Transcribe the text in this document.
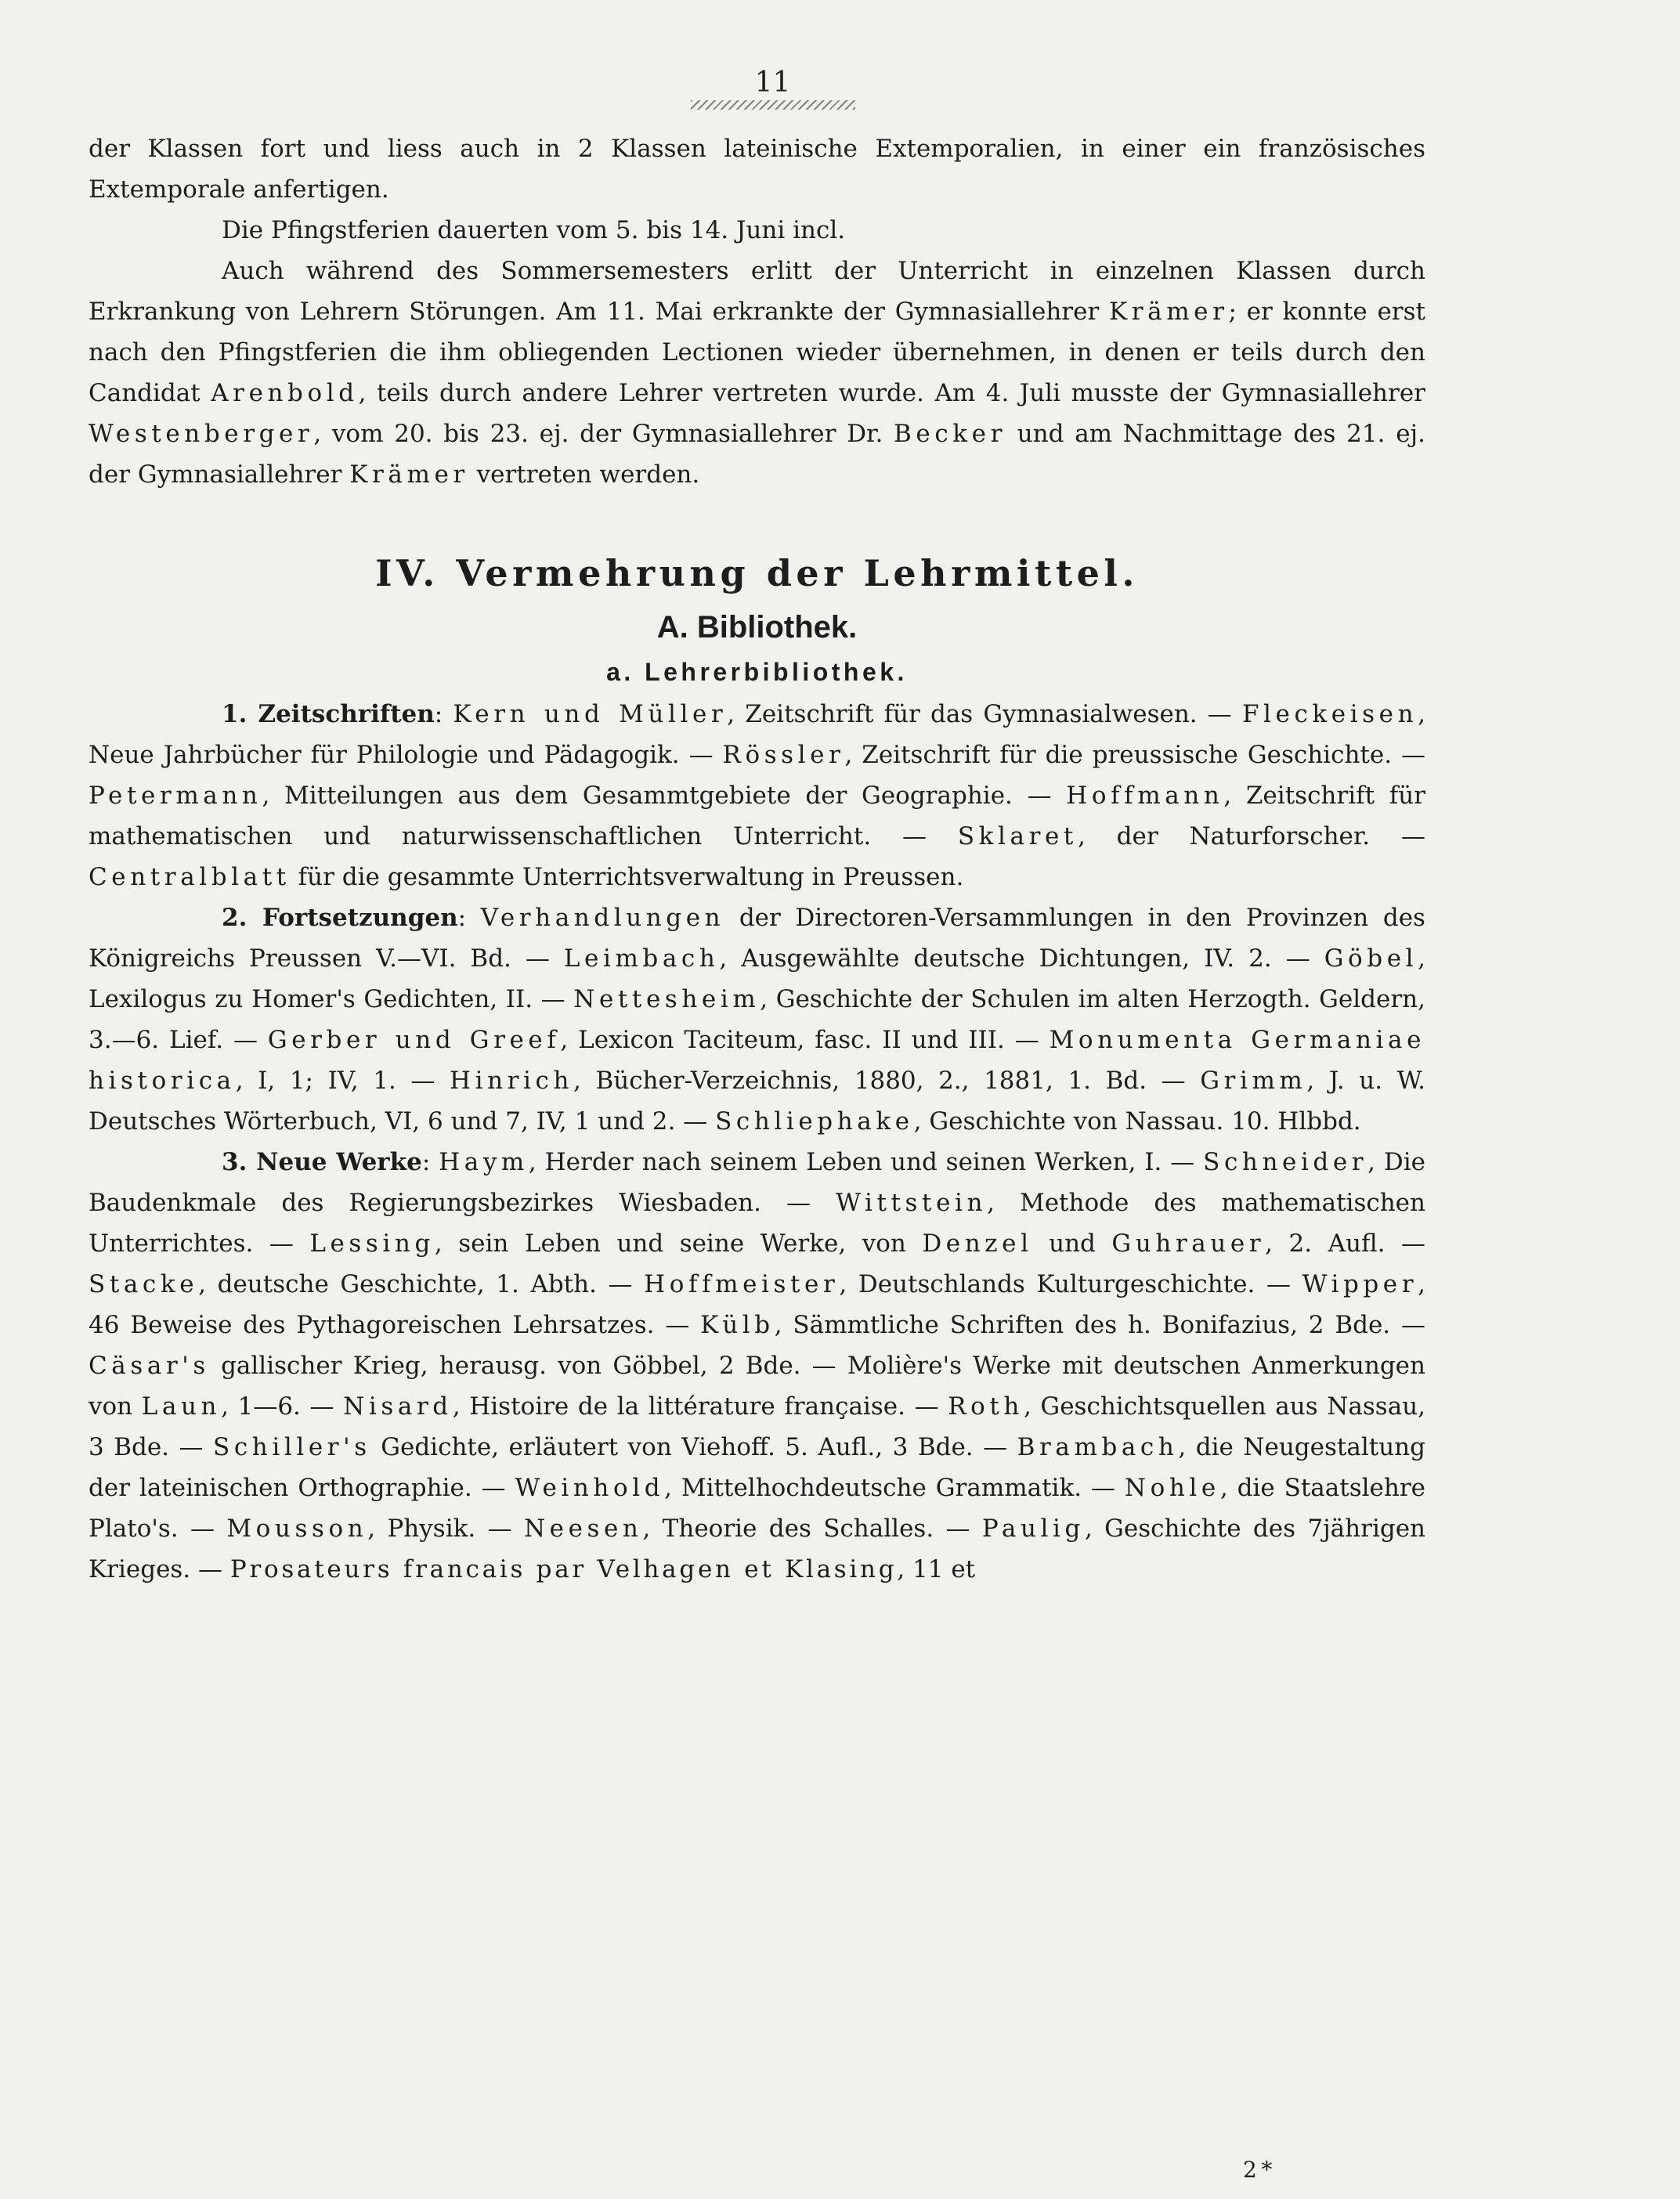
11

der Klassen fort und liess auch in 2 Klassen lateinische Extemporalien, in einer ein französisches Extemporale anfertigen.

Die Pfingstferien dauerten vom 5. bis 14. Juni incl.

Auch während des Sommersemesters erlitt der Unterricht in einzelnen Klassen durch Erkrankung von Lehrern Störungen. Am 11. Mai erkrankte der Gymnasiallehrer Krämer; er konnte erst nach den Pfingstferien die ihm obliegenden Lectionen wieder übernehmen, in denen er teils durch den Candidat Arenbold, teils durch andere Lehrer vertreten wurde. Am 4. Juli musste der Gymnasiallehrer Westenberger, vom 20. bis 23. ej. der Gymnasiallehrer Dr. Becker und am Nachmittage des 21. ej. der Gymnasiallehrer Krämer vertreten werden.

IV. Vermehrung der Lehrmittel.
A. Bibliothek.
a. Lehrerbibliothek.

1. Zeitschriften: Kern und Müller, Zeitschrift für das Gymnasialwesen. — Fleckeisen, Neue Jahrbücher für Philologie und Pädagogik. — Rössler, Zeitschrift für die preussische Geschichte. — Petermann, Mitteilungen aus dem Gesammtgebiete der Geographie. — Hoffmann, Zeitschrift für mathematischen und naturwissenschaftlichen Unterricht. — Sklaret, der Naturforscher. — Centralblatt für die gesammte Unterrichtsverwaltung in Preussen.

2. Fortsetzungen: Verhandlungen der Directoren-Versammlungen in den Provinzen des Königreichs Preussen V.—VI. Bd. — Leimbach, Ausgewählte deutsche Dichtungen, IV. 2. — Göbel, Lexilogus zu Homer's Gedichten, II. — Nettesheim, Geschichte der Schulen im alten Herzogth. Geldern, 3.—6. Lief. — Gerber und Greef, Lexicon Taciteum, fasc. II und III. — Monumenta Germaniae historica, I, 1; IV, 1. — Hinrich, Bücher-Verzeichnis, 1880, 2., 1881, 1. Bd. — Grimm, J. u. W. Deutsches Wörterbuch, VI, 6 und 7, IV, 1 und 2. — Schliephake, Geschichte von Nassau. 10. Hlbbd.

3. Neue Werke: Haym, Herder nach seinem Leben und seinen Werken, I. — Schneider, Die Baudenkmale des Regierungsbezirkes Wiesbaden. — Wittstein, Methode des mathematischen Unterrichtes. — Lessing, sein Leben und seine Werke, von Denzel und Guhrauer, 2. Aufl. — Stacke, deutsche Geschichte, 1. Abth. — Hoffmeister, Deutschlands Kulturgeschichte. — Wipper, 46 Beweise des Pythagoreischen Lehrsatzes. — Külb, Sämmtliche Schriften des h. Bonifazius, 2 Bde. — Cäsar's gallischer Krieg, herausg. von Göbbel, 2 Bde. — Molière's Werke mit deutschen Anmerkungen von Laun, 1—6. — Nisard, Histoire de la littérature française. — Roth, Geschichtsquellen aus Nassau, 3 Bde. — Schiller's Gedichte, erläutert von Viehoff. 5. Aufl., 3 Bde. — Brambach, die Neugestaltung der lateinischen Orthographie. — Weinhold, Mittelhochdeutsche Grammatik. — Nohle, die Staatslehre Plato's. — Mousson, Physik. — Neesen, Theorie des Schalles. — Paulig, Geschichte des 7jährigen Krieges. — Prosateurs francais par Velhagen et Klasing, 11 et

2*
